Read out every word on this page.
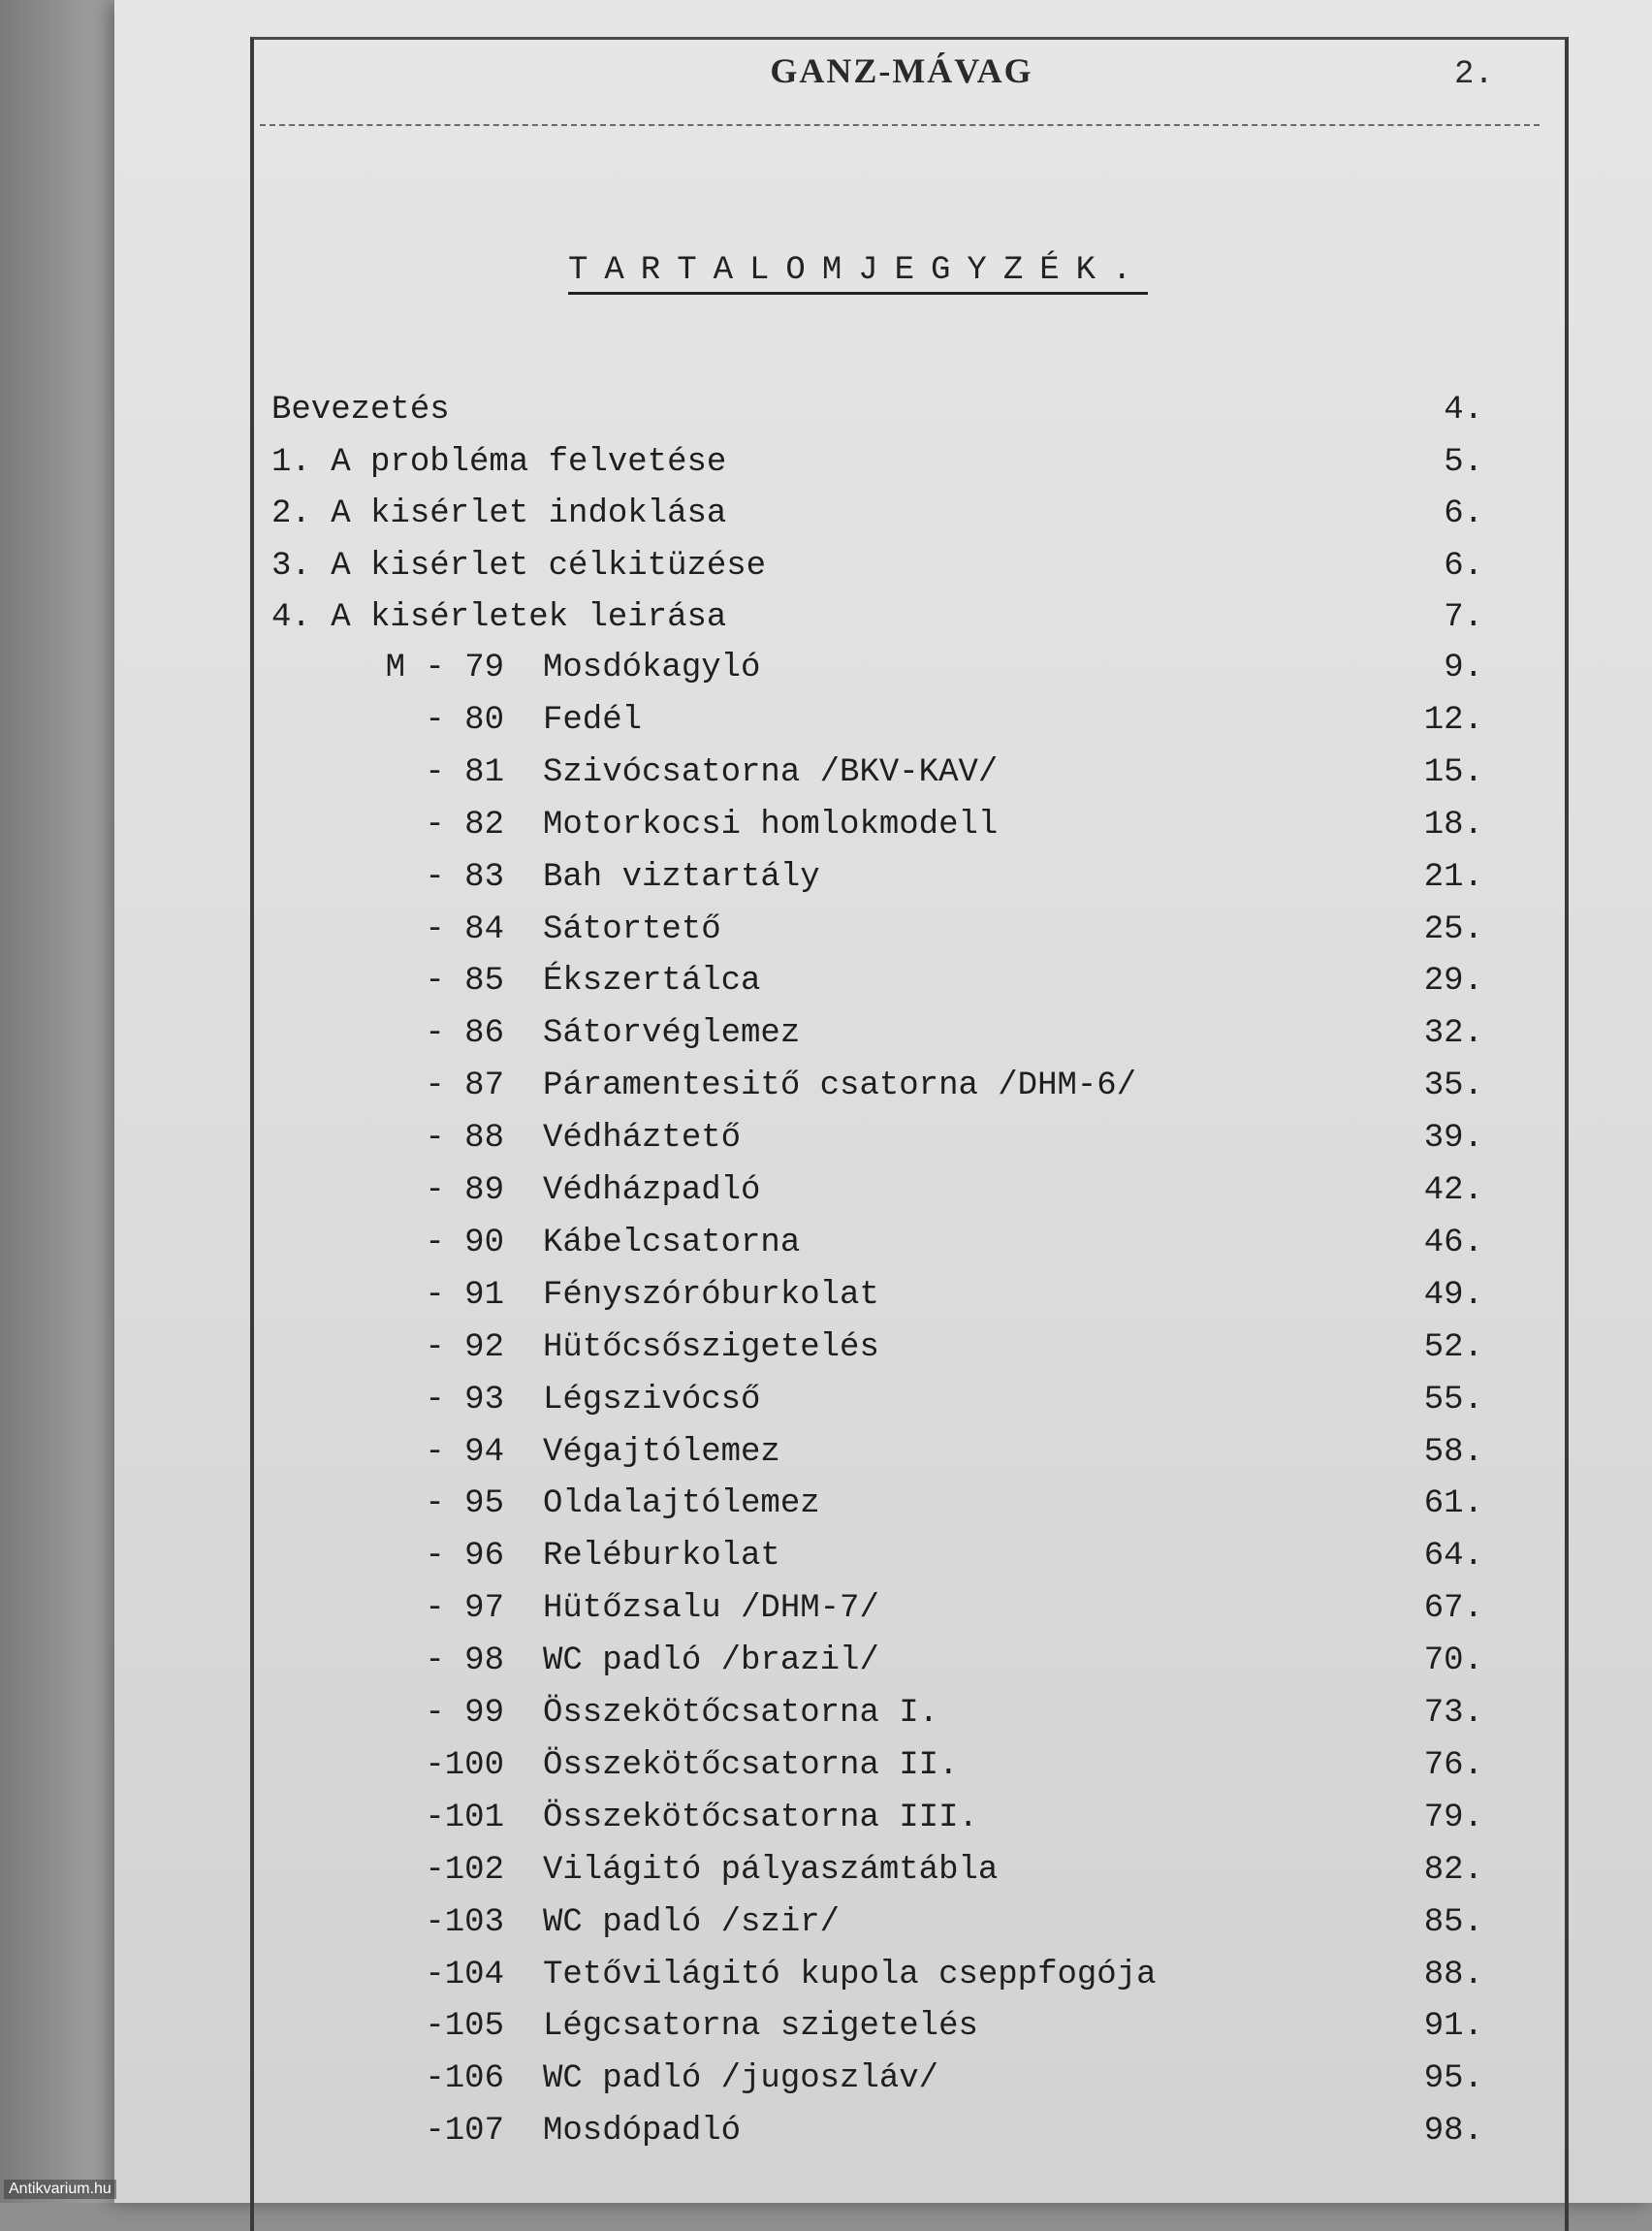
GANZ-MÁVAG	2.
TARTALOMJEGYZÉK.
Bevezetés	4.
1. A probléma felvetése	5.
2. A kisérlet indoklása	6.
3. A kisérlet célkitüzése	6.
4. A kisérletek leirása	7.
M - 79 Mosdókagyló	9.
- 80 Fedél	12.
- 81 Szivócsatorna /BKV-KAV/	15.
- 82 Motorkocsi homlokmodell	18.
- 83 Bah viztartály	21.
- 84 Sátortető	25.
- 85 Ékszertálca	29.
- 86 Sátorvéglemez	32.
- 87 Páramentesitő csatorna /DHM-6/	35.
- 88 Védháztető	39.
- 89 Védházpadló	42.
- 90 Kábelcsatorna	46.
- 91 Fényszóróburkolat	49.
- 92 Hütőcsőszigetelés	52.
- 93 Légszivócső	55.
- 94 Végajtólemez	58.
- 95 Oldalajtólemez	61.
- 96 Reléburkolat	64.
- 97 Hütőzsalu /DHM-7/	67.
- 98 WC padló /brazil/	70.
- 99 Összekötőcsatorna I.	73.
-100 Összekötőcsatorna II.	76.
-101 Összekötőcsatorna III.	79.
-102 Világitó pályaszámtábla	82.
-103 WC padló /szir/	85.
-104 Tetővilágitó kupola cseppfogója	88.
-105 Légcsatorna szigetelés	91.
-106 WC padló /jugoszláv/	95.
-107 Mosdópadló	98.
Antikvarium.hu
